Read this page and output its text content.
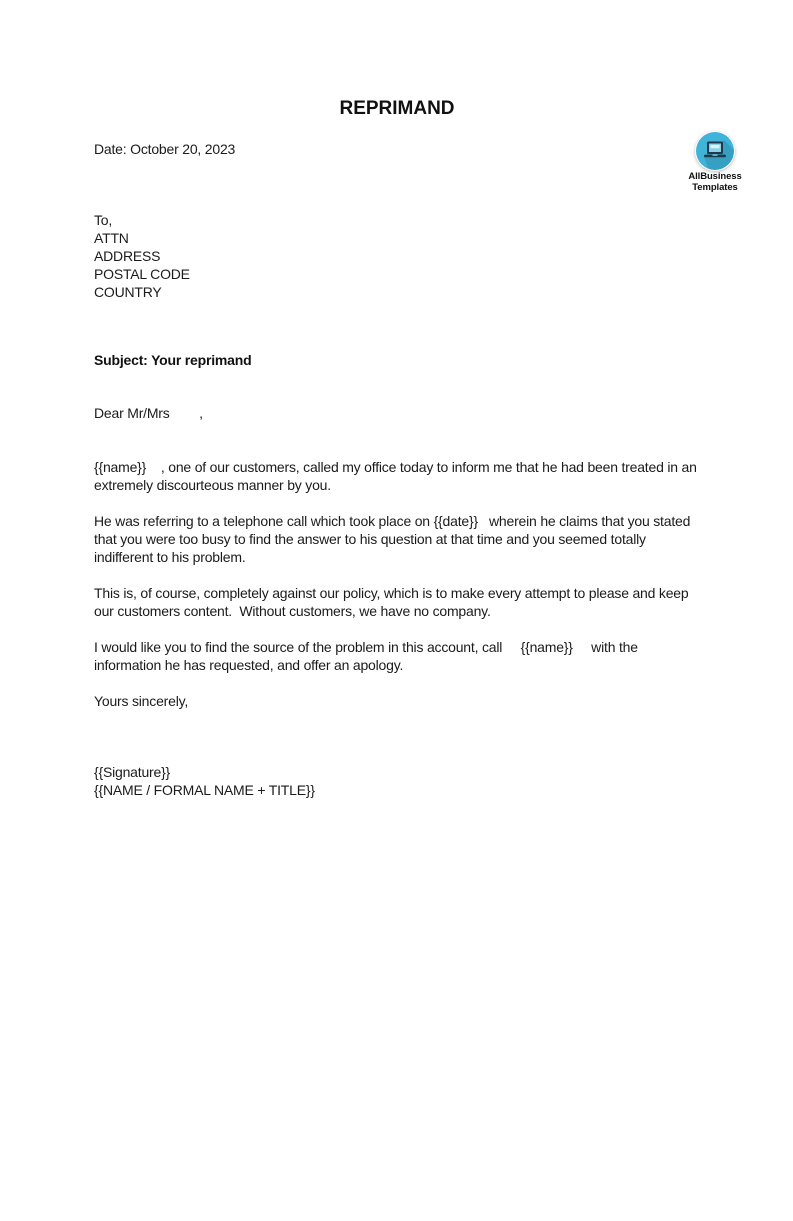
AllBusiness
Templates
REPRIMAND

Date: October 20, 2023

To,

ATTN

ADDRESS

POSTAL CODE

COUNTRY

Subject: Your reprimand

Dear Mr/Mrs        ,

{{name}}    , one of our customers, called my office today to inform me that he had been treated in an extremely discourteous manner by you.

He was referring to a telephone call which took place on {{date}}   wherein he claims that you stated that you were too busy to find the answer to his question at that time and you seemed totally indifferent to his problem.

This is, of course, completely against our policy, which is to make every attempt to please and keep our customers content.  Without customers, we have no company.

I would like you to find the source of the problem in this account, call     {{name}}     with the information he has requested, and offer an apology.

Yours sincerely,

{{Signature}}

{{NAME / FORMAL NAME + TITLE}}
